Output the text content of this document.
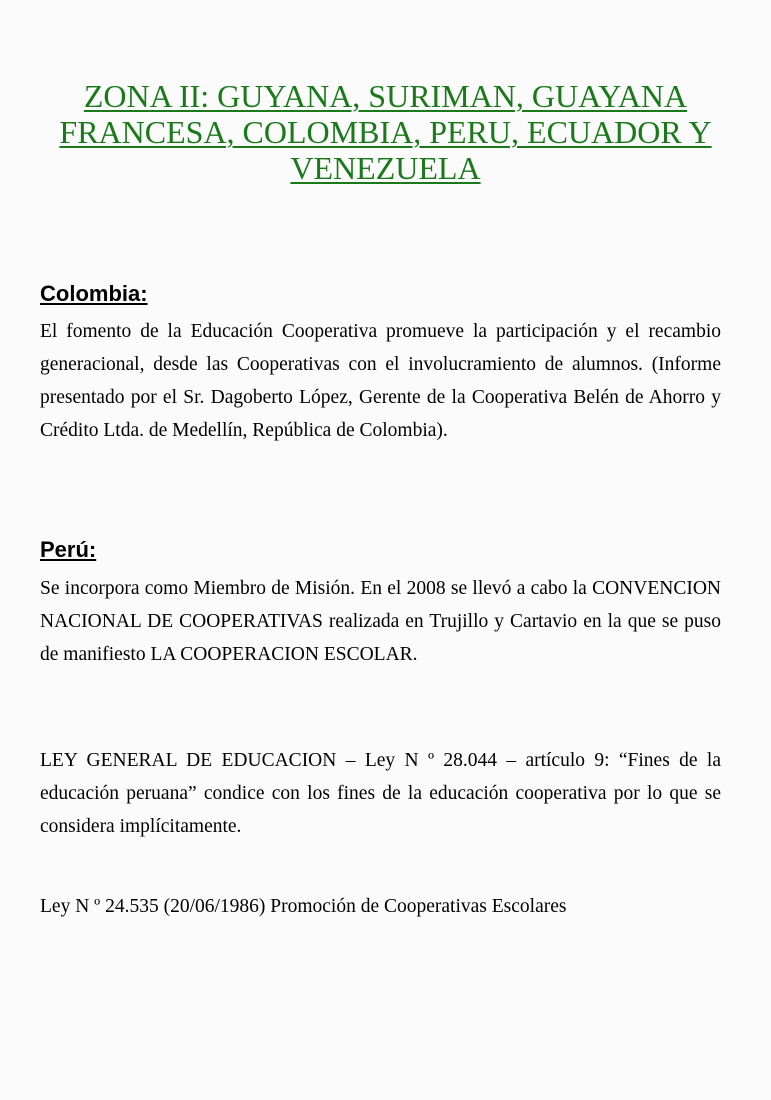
ZONA II: GUYANA, SURIMAN, GUAYANA FRANCESA, COLOMBIA, PERU, ECUADOR Y VENEZUELA
Colombia:

El fomento de la Educación Cooperativa promueve la participación y el recambio generacional, desde las Cooperativas con el involucramiento de alumnos. (Informe presentado por el Sr. Dagoberto López, Gerente de la Cooperativa Belén de Ahorro y Crédito Ltda. de Medellín, República de Colombia).

Perú:

Se incorpora como Miembro de Misión. En el 2008 se llevó a cabo la CONVENCION NACIONAL DE COOPERATIVAS realizada en Trujillo y Cartavio en la que se puso de manifiesto LA COOPERACION ESCOLAR.

LEY GENERAL DE EDUCACION – Ley N º 28.044 – artículo 9: “Fines de la educación peruana” condice con los fines de la educación cooperativa por lo que se considera implícitamente.

Ley N º 24.535 (20/06/1986) Promoción de Cooperativas Escolares
